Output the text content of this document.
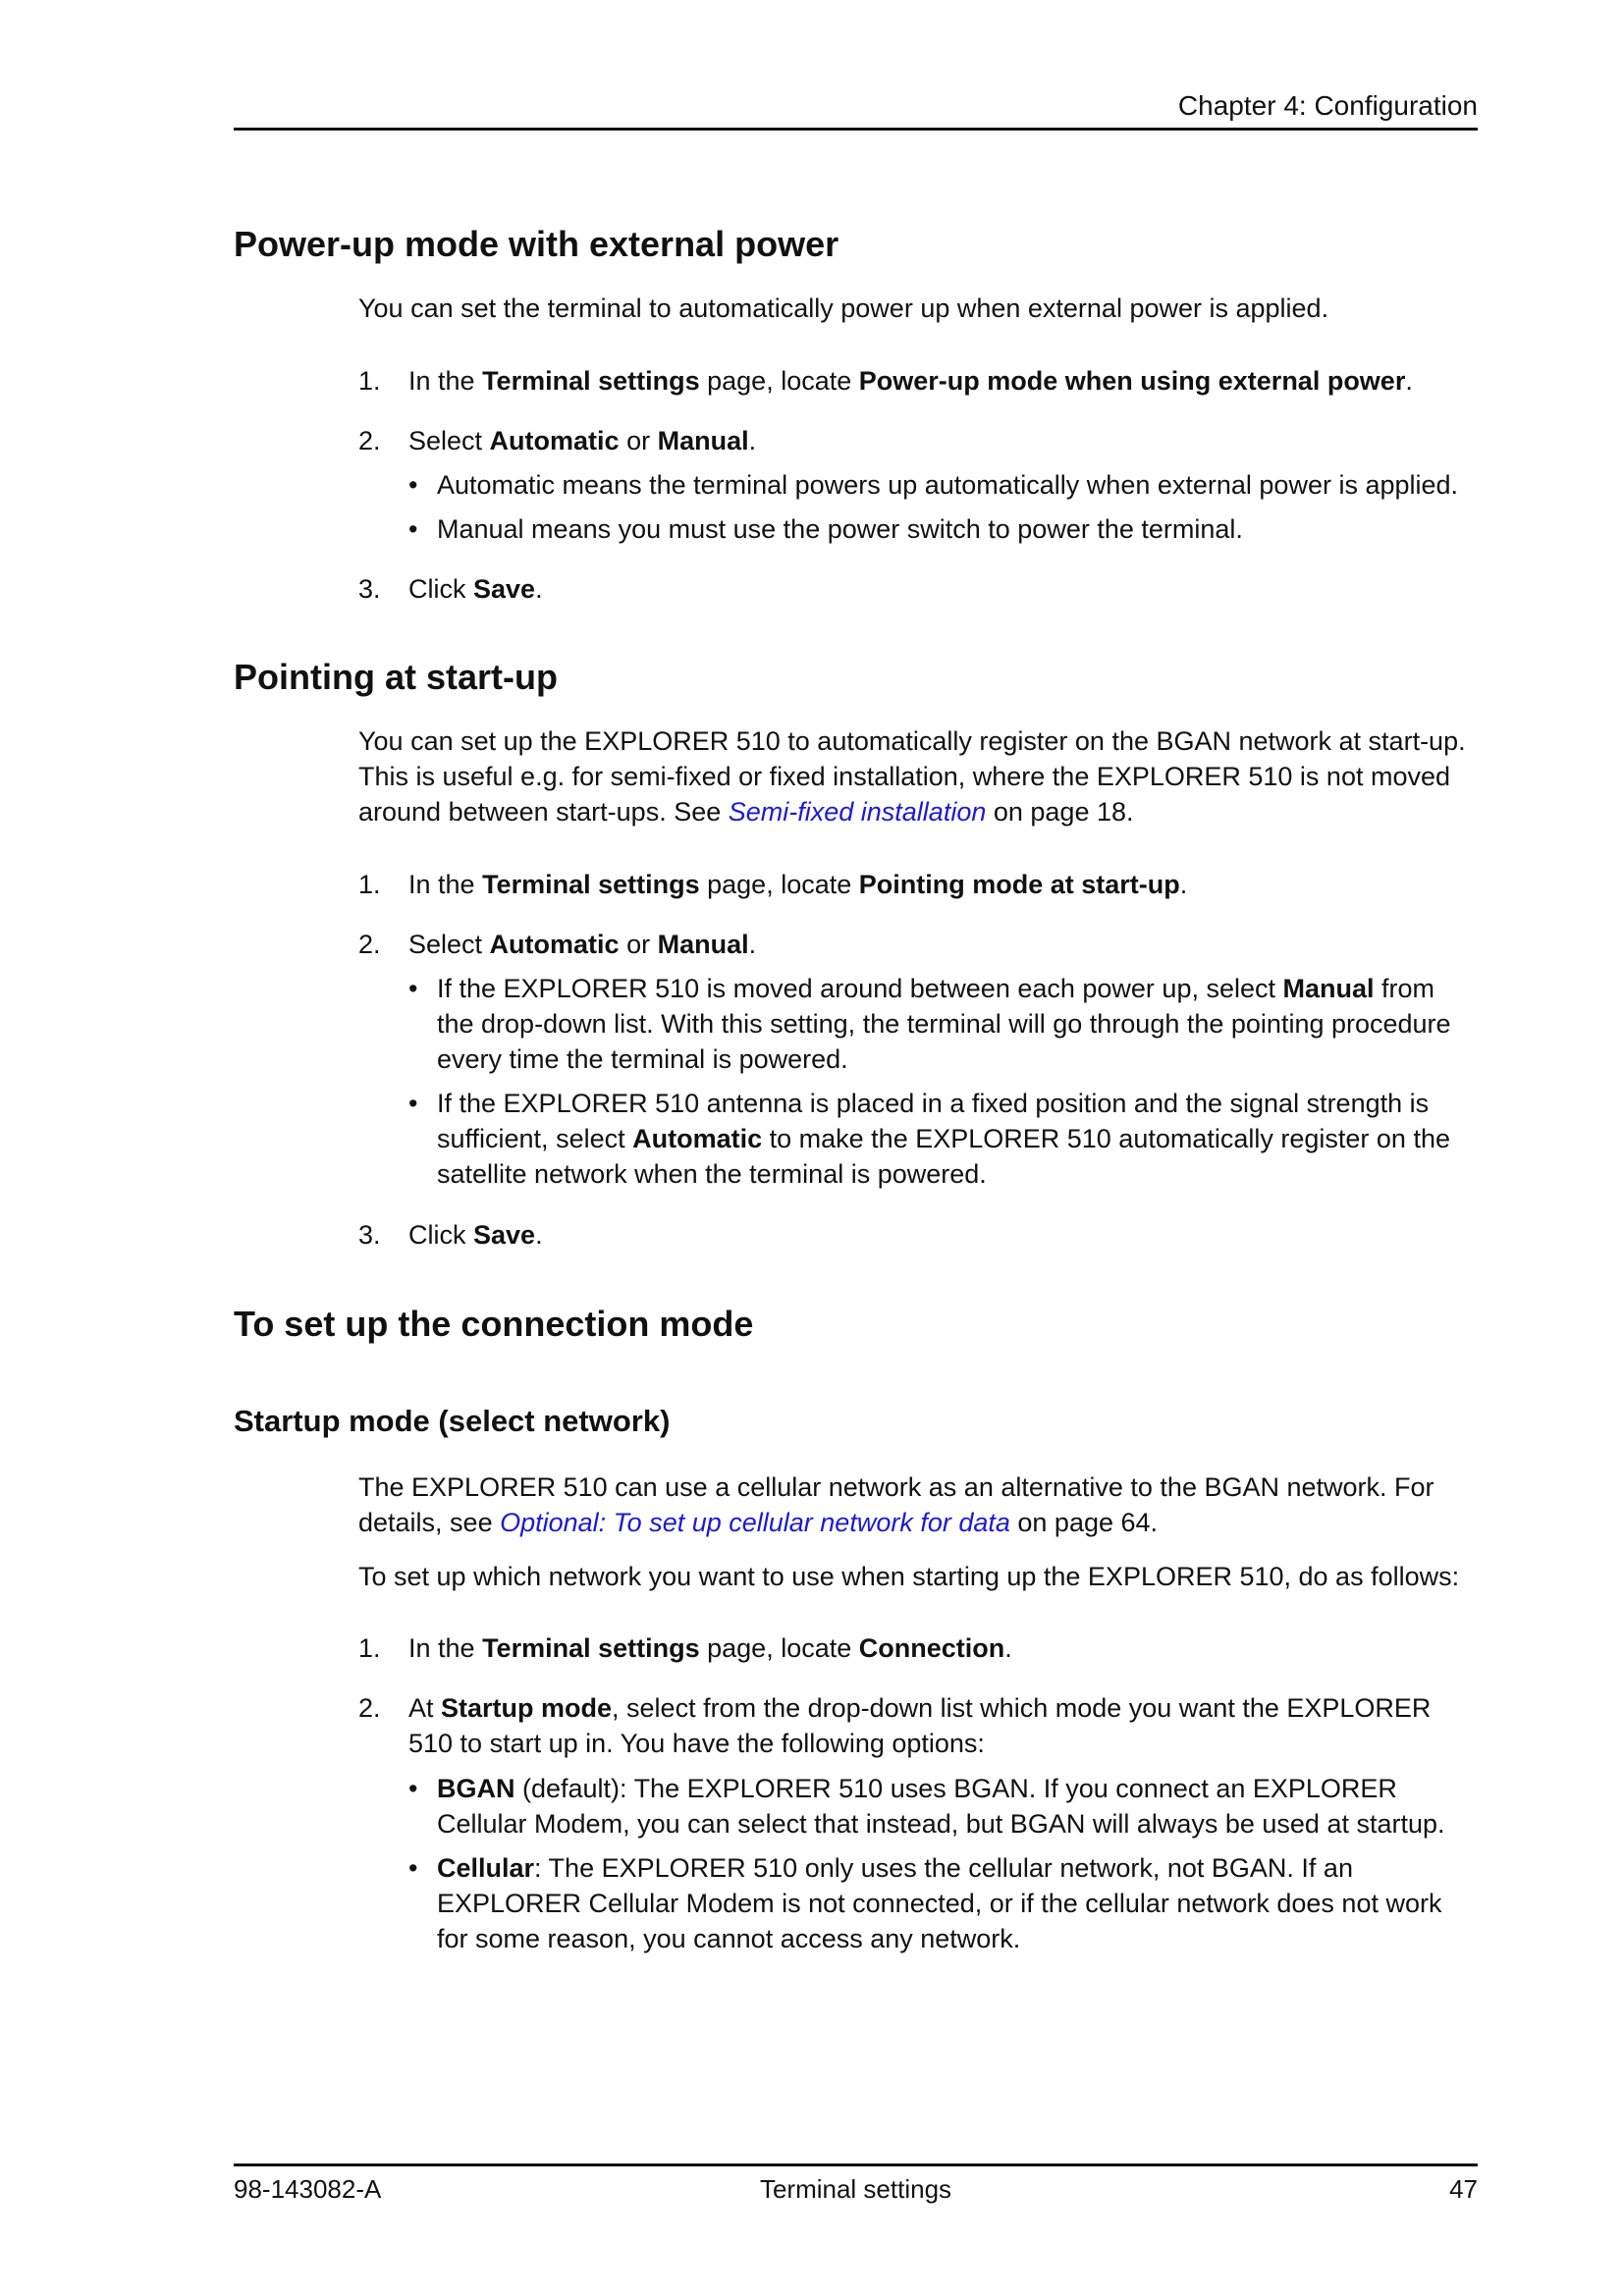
Chapter 4: Configuration
Power-up mode with external power

You can set the terminal to automatically power up when external power is applied.

1. In the Terminal settings page, locate Power-up mode when using external power.
2. Select Automatic or Manual.
• Automatic means the terminal powers up automatically when external power is applied.
• Manual means you must use the power switch to power the terminal.
3. Click Save.
Pointing at start-up

You can set up the EXPLORER 510 to automatically register on the BGAN network at start-up. This is useful e.g. for semi-fixed or fixed installation, where the EXPLORER 510 is not moved around between start-ups. See Semi-fixed installation on page 18.

1. In the Terminal settings page, locate Pointing mode at start-up.
2. Select Automatic or Manual.
• If the EXPLORER 510 is moved around between each power up, select Manual from the drop-down list. With this setting, the terminal will go through the pointing procedure every time the terminal is powered.
• If the EXPLORER 510 antenna is placed in a fixed position and the signal strength is sufficient, select Automatic to make the EXPLORER 510 automatically register on the satellite network when the terminal is powered.
3. Click Save.
To set up the connection mode
Startup mode (select network)

The EXPLORER 510 can use a cellular network as an alternative to the BGAN network. For details, see Optional: To set up cellular network for data on page 64.

To set up which network you want to use when starting up the EXPLORER 510, do as follows:

1. In the Terminal settings page, locate Connection.
2. At Startup mode, select from the drop-down list which mode you want the EXPLORER 510 to start up in. You have the following options:
• BGAN (default): The EXPLORER 510 uses BGAN. If you connect an EXPLORER Cellular Modem, you can select that instead, but BGAN will always be used at startup.
• Cellular: The EXPLORER 510 only uses the cellular network, not BGAN. If an EXPLORER Cellular Modem is not connected, or if the cellular network does not work for some reason, you cannot access any network.
98-143082-A	Terminal settings	47
